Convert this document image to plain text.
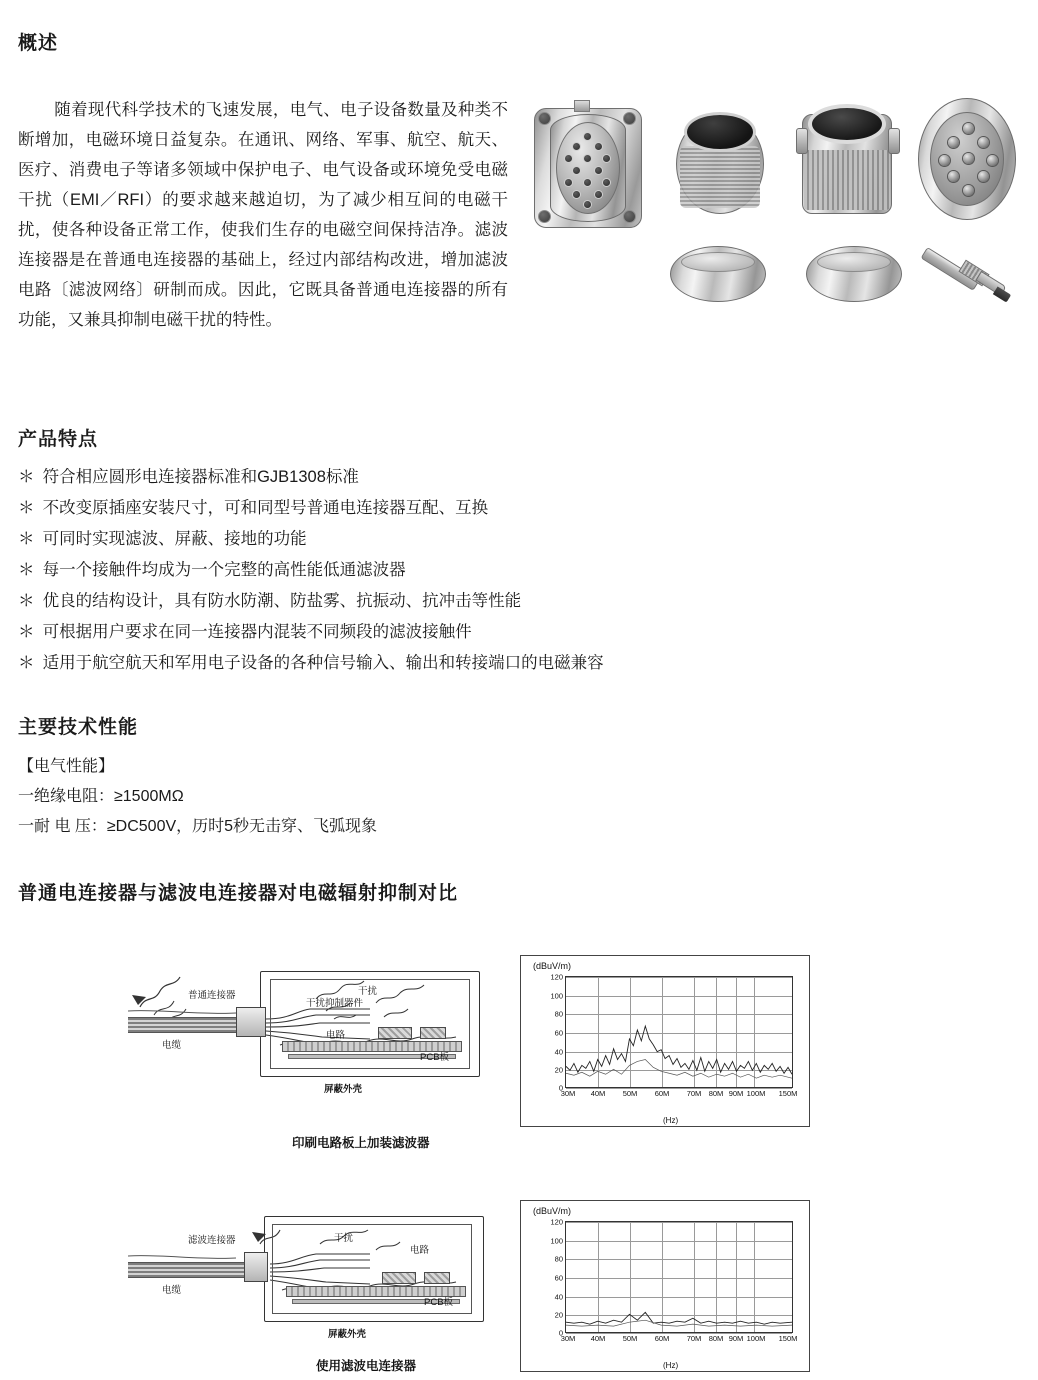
概述

随着现代科学技术的飞速发展，电气、电子设备数量及种类不断增加，电磁环境日益复杂。在通讯、网络、军事、航空、航天、医疗、消费电子等诸多领域中保护电子、电气设备或环境免受电磁干扰（EMI／RFI）的要求越来越迫切，为了减少相互间的电磁干扰，使各种设备正常工作，使我们生存的电磁空间保持洁净。滤波连接器是在普通电连接器的基础上，经过内部结构改进，增加滤波电路〔滤波网络〕研制而成。因此，它既具备普通电连接器的所有功能，又兼具抑制电磁干扰的特性。

产品特点
＊ 符合相应圆形电连接器标准和GJB1308标准
＊ 不改变原插座安装尺寸，可和同型号普通电连接器互配、互换
＊ 可同时实现滤波、屏蔽、接地的功能
＊ 每一个接触件均成为一个完整的高性能低通滤波器
＊ 优良的结构设计，具有防水防潮、防盐雾、抗振动、抗冲击等性能
＊ 可根据用户要求在同一连接器内混装不同频段的滤波接触件
＊ 适用于航空航天和军用电子设备的各种信号输入、输出和转接端口的电磁兼容
主要技术性能
【电气性能】
一绝缘电阻：≥1500MΩ
一耐 电 压：≥DC500V，历时5秒无击穿、飞弧现象
普通电连接器与滤波电连接器对电磁辐射抑制对比
普通连接器
电缆
干扰
干扰抑制器件
电路
PCB板
屏蔽外壳
印刷电路板上加装滤波器
(dBuV/m)
120
100
80
60
40
20
0
30M 40M 50M 60M 70M 80M 90M 100M 150M
(Hz)
滤波连接器
电缆
干扰
电路
PCB板
屏蔽外壳
使用滤波电连接器
(dBuV/m)
120
100
80
60
40
20
0
30M 40M 50M 60M 70M 80M 90M 100M 150M
(Hz)
